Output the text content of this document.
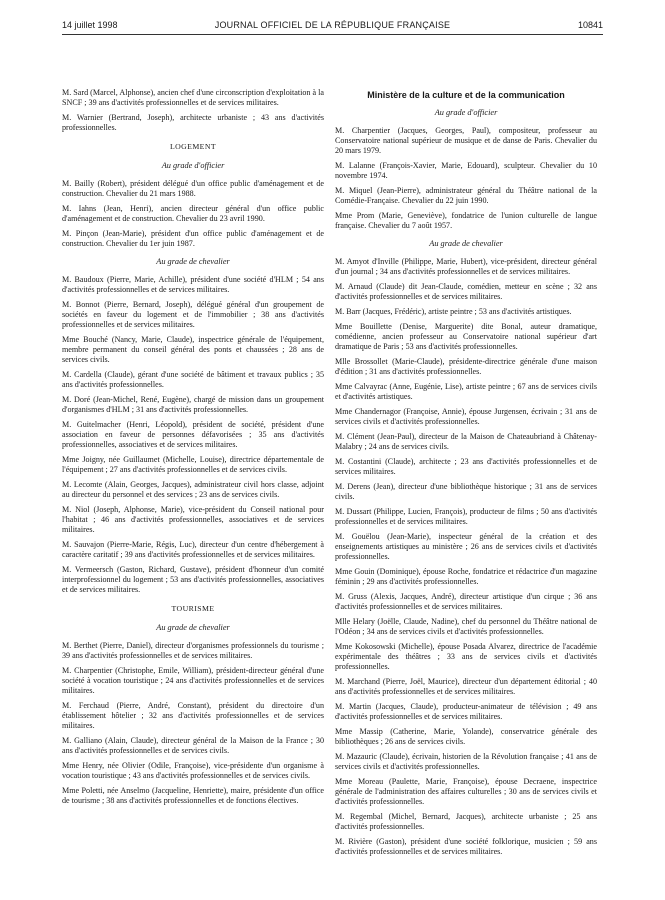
14 juillet 1998	JOURNAL OFFICIEL DE LA RÉPUBLIQUE FRANÇAISE	10841

M. Sard (Marcel, Alphonse), ancien chef d'une circonscription d'exploitation à la SNCF ; 39 ans d'activités professionnelles et de services militaires.

M. Warnier (Bertrand, Joseph), architecte urbaniste ; 43 ans d'activités professionnelles.

LOGEMENT
Au grade d'officier

M. Bailly (Robert), président délégué d'un office public d'aménagement et de construction. Chevalier du 21 mars 1988.

M. Iahns (Jean, Henri), ancien directeur général d'un office public d'aménagement et de construction. Chevalier du 23 avril 1990.

M. Pinçon (Jean-Marie), président d'un office public d'aménagement et de construction. Chevalier du 1er juin 1987.

Au grade de chevalier

M. Baudoux (Pierre, Marie, Achille), président d'une société d'HLM ; 54 ans d'activités professionnelles et de services militaires.

M. Bonnot (Pierre, Bernard, Joseph), délégué général d'un groupement de sociétés en faveur du logement et de l'immobilier ; 38 ans d'activités professionnelles et de services militaires.

Mme Bouché (Nancy, Marie, Claude), inspectrice générale de l'équipement, membre permanent du conseil général des ponts et chaussées ; 28 ans de services civils.

M. Cardella (Claude), gérant d'une société de bâtiment et travaux publics ; 35 ans d'activités professionnelles.

M. Doré (Jean-Michel, René, Eugène), chargé de mission dans un groupement d'organismes d'HLM ; 31 ans d'activités professionnelles.

M. Guitelmacher (Henri, Léopold), président de société, président d'une association en faveur de personnes défavorisées ; 35 ans d'activités professionnelles, associatives et de services militaires.

Mme Joigny, née Guillaumet (Michelle, Louise), directrice départementale de l'équipement ; 27 ans d'activités professionnelles et de services civils.

M. Lecomte (Alain, Georges, Jacques), administrateur civil hors classe, adjoint au directeur du personnel et des services ; 23 ans de services civils.

M. Niol (Joseph, Alphonse, Marie), vice-président du Conseil national pour l'habitat ; 46 ans d'activités professionnelles, associatives et de services militaires.

M. Sauvajon (Pierre-Marie, Régis, Luc), directeur d'un centre d'hébergement à caractère caritatif ; 39 ans d'activités professionnelles et de services militaires.

M. Vermeersch (Gaston, Richard, Gustave), président d'honneur d'un comité interprofessionnel du logement ; 53 ans d'activités professionnelles, associatives et de services militaires.

TOURISME
Au grade de chevalier

M. Berthet (Pierre, Daniel), directeur d'organismes professionnels du tourisme ; 39 ans d'activités professionnelles et de services militaires.

M. Charpentier (Christophe, Emile, William), président-directeur général d'une société à vocation touristique ; 24 ans d'activités professionnelles et de services militaires.

M. Ferchaud (Pierre, André, Constant), président du directoire d'un établissement hôtelier ; 32 ans d'activités professionnelles et de services militaires.

M. Galliano (Alain, Claude), directeur général de la Maison de la France ; 30 ans d'activités professionnelles et de services civils.

Mme Henry, née Olivier (Odile, Françoise), vice-présidente d'un organisme à vocation touristique ; 43 ans d'activités professionnelles et de services civils.

Mme Poletti, née Anselmo (Jacqueline, Henriette), maire, présidente d'un office de tourisme ; 38 ans d'activités professionnelles et de fonctions électives.

Ministère de la culture et de la communication
Au grade d'officier

M. Charpentier (Jacques, Georges, Paul), compositeur, professeur au Conservatoire national supérieur de musique et de danse de Paris. Chevalier du 20 mars 1979.

M. Lalanne (François-Xavier, Marie, Edouard), sculpteur. Chevalier du 10 novembre 1974.

M. Miquel (Jean-Pierre), administrateur général du Théâtre national de la Comédie-Française. Chevalier du 22 juin 1990.

Mme Prom (Marie, Geneviève), fondatrice de l'union culturelle de langue française. Chevalier du 7 août 1957.

Au grade de chevalier

M. Amyot d'Inville (Philippe, Marie, Hubert), vice-président, directeur général d'un journal ; 34 ans d'activités professionnelles et de services militaires.

M. Arnaud (Claude) dit Jean-Claude, comédien, metteur en scène ; 32 ans d'activités professionnelles et de services militaires.

M. Barr (Jacques, Frédéric), artiste peintre ; 53 ans d'activités artistiques.

Mme Bouillette (Denise, Marguerite) dite Bonal, auteur dramatique, comédienne, ancien professeur au Conservatoire national supérieur d'art dramatique de Paris ; 53 ans d'activités professionnelles.

Mlle Brossollet (Marie-Claude), présidente-directrice générale d'une maison d'édition ; 31 ans d'activités professionnelles.

Mme Calvayrac (Anne, Eugénie, Lise), artiste peintre ; 67 ans de services civils et d'activités artistiques.

Mme Chandernagor (Françoise, Annie), épouse Jurgensen, écrivain ; 31 ans de services civils et d'activités professionnelles.

M. Clément (Jean-Paul), directeur de la Maison de Chateaubriand à Châtenay-Malabry ; 24 ans de services civils.

M. Costantini (Claude), architecte ; 23 ans d'activités professionnelles et de services militaires.

M. Derens (Jean), directeur d'une bibliothèque historique ; 31 ans de services civils.

M. Dussart (Philippe, Lucien, François), producteur de films ; 50 ans d'activités professionnelles et de services militaires.

M. Gouëlou (Jean-Marie), inspecteur général de la création et des enseignements artistiques au ministère ; 26 ans de services civils et d'activités professionnelles.

Mme Gouin (Dominique), épouse Roche, fondatrice et rédactrice d'un magazine féminin ; 29 ans d'activités professionnelles.

M. Gruss (Alexis, Jacques, André), directeur artistique d'un cirque ; 36 ans d'activités professionnelles et de services militaires.

Mlle Helary (Joëlle, Claude, Nadine), chef du personnel du Théâtre national de l'Odéon ; 34 ans de services civils et d'activités professionnelles.

Mme Kokosowski (Michelle), épouse Posada Alvarez, directrice de l'académie expérimentale des théâtres ; 33 ans de services civils et d'activités professionnelles.

M. Marchand (Pierre, Joël, Maurice), directeur d'un département éditorial ; 40 ans d'activités professionnelles et de services militaires.

M. Martin (Jacques, Claude), producteur-animateur de télévision ; 49 ans d'activités professionnelles et de services militaires.

Mme Massip (Catherine, Marie, Yolande), conservatrice générale des bibliothèques ; 26 ans de services civils.

M. Mazauric (Claude), écrivain, historien de la Révolution française ; 41 ans de services civils et d'activités professionnelles.

Mme Moreau (Paulette, Marie, Françoise), épouse Decraene, inspectrice générale de l'administration des affaires culturelles ; 30 ans de services civils et d'activités professionnelles.

M. Regembal (Michel, Bernard, Jacques), architecte urbaniste ; 25 ans d'activités professionnelles.

M. Rivière (Gaston), président d'une société folklorique, musicien ; 59 ans d'activités professionnelles et de services militaires.
